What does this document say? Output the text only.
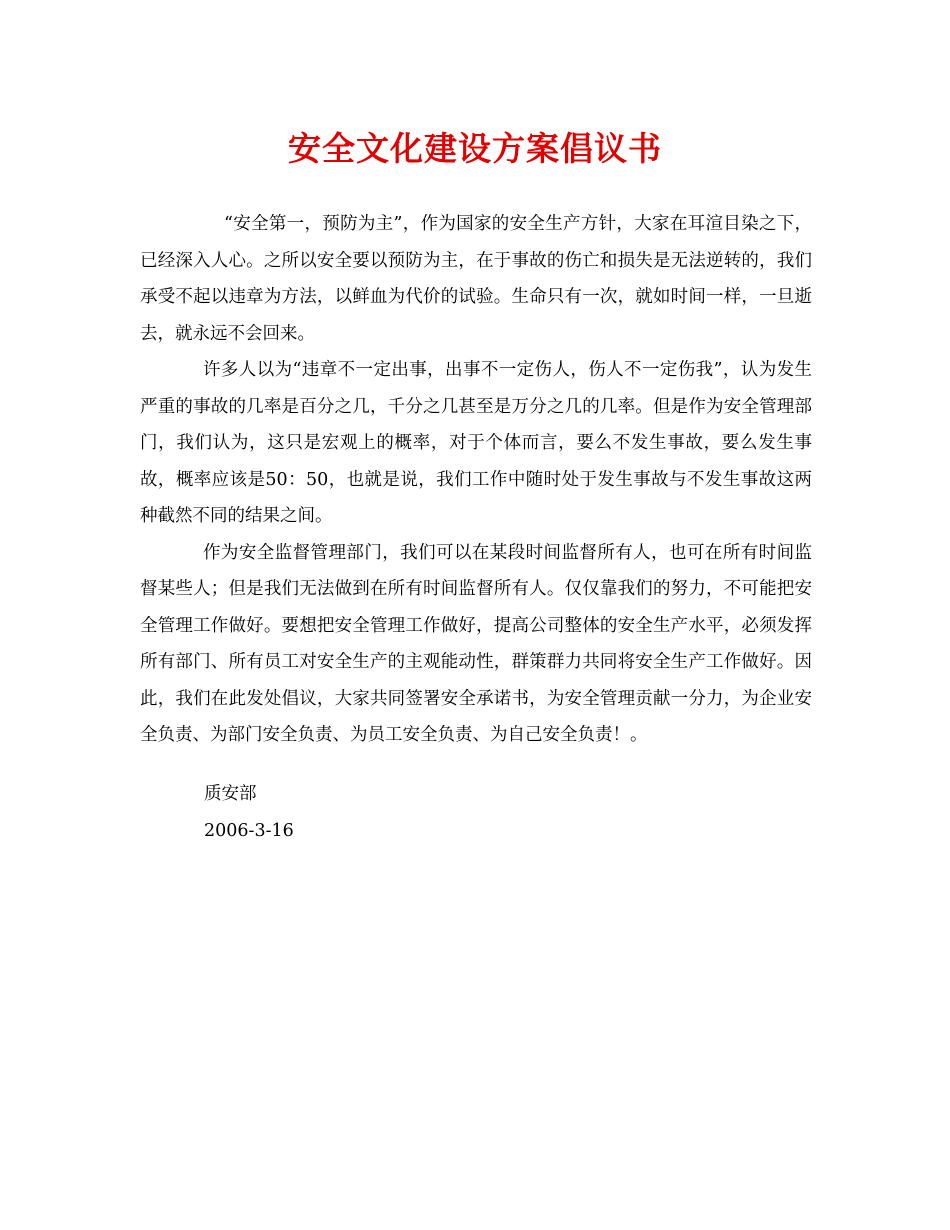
安全文化建设方案倡议书

“安全第一，预防为主”，作为国家的安全生产方针，大家在耳渲目染之下，已经深入人心。之所以安全要以预防为主，在于事故的伤亡和损失是无法逆转的，我们承受不起以违章为方法，以鲜血为代价的试验。生命只有一次，就如时间一样，一旦逝去，就永远不会回来。

许多人以为“违章不一定出事，出事不一定伤人，伤人不一定伤我”，认为发生严重的事故的几率是百分之几，千分之几甚至是万分之几的几率。但是作为安全管理部门，我们认为，这只是宏观上的概率，对于个体而言，要么不发生事故，要么发生事故，概率应该是50：50，也就是说，我们工作中随时处于发生事故与不发生事故这两种截然不同的结果之间。

作为安全监督管理部门，我们可以在某段时间监督所有人，也可在所有时间监督某些人；但是我们无法做到在所有时间监督所有人。仅仅靠我们的努力，不可能把安全管理工作做好。要想把安全管理工作做好，提高公司整体的安全生产水平，必须发挥所有部门、所有员工对安全生产的主观能动性，群策群力共同将安全生产工作做好。因此，我们在此发处倡议，大家共同签署安全承诺书，为安全管理贡献一分力，为企业安全负责、为部门安全负责、为员工安全负责、为自己安全负责！。

质安部
2006-3-16
